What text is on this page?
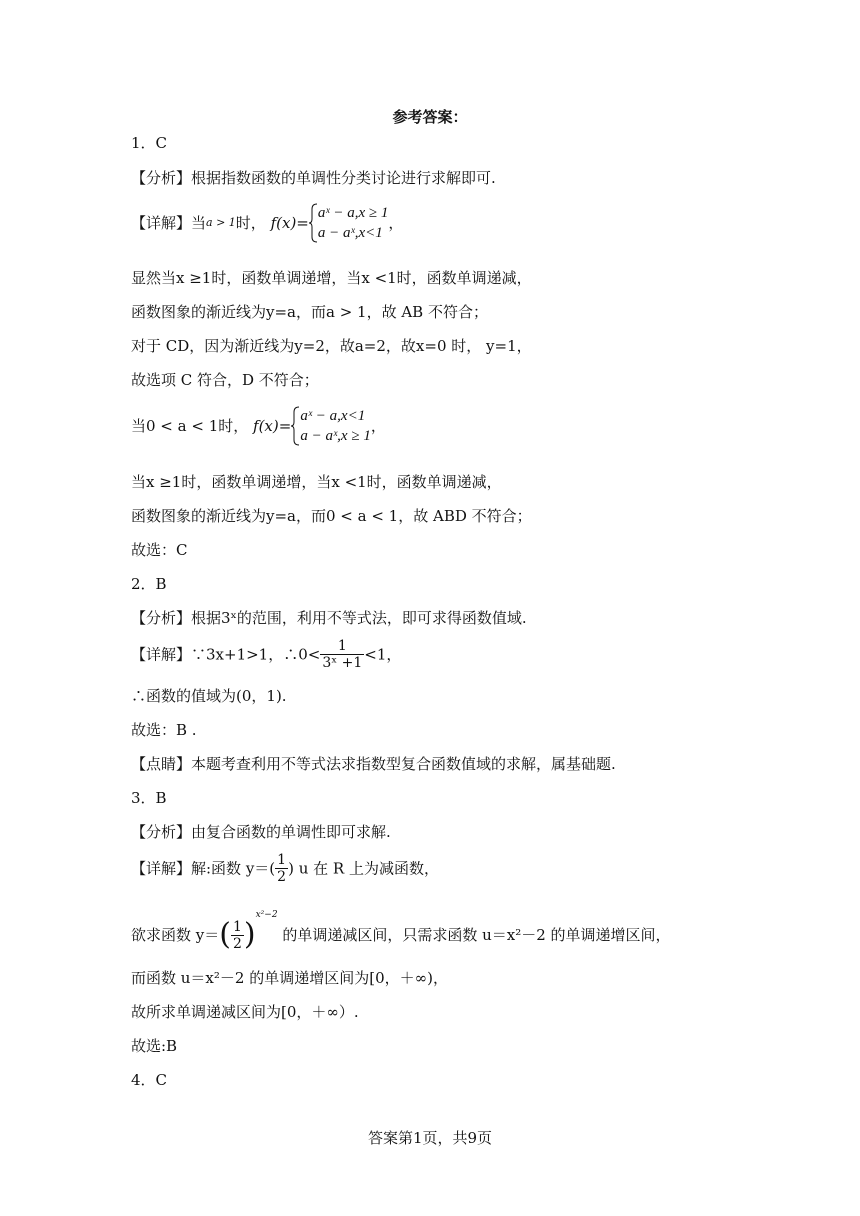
参考答案：
1．C
【分析】根据指数函数的单调性分类讨论进行求解即可.
【详解】当a > 1时， f(x)=
aˣ − a,x ≥ 1
a − aˣ,x<1
，
显然当x ≥1时，函数单调递增，当x <1时，函数单调递减，
函数图象的渐近线为y=a，而a > 1，故 AB 不符合；
对于 CD，因为渐近线为y=2，故a=2，故x=0 时， y=1，
故选项 C 符合，D 不符合；
当0 < a < 1时， f(x)=
aˣ − a,x<1
a − aˣ,x ≥ 1
，
当x ≥1时，函数单调递增，当x <1时，函数单调递减，
函数图象的渐近线为y=a，而0 < a < 1，故 ABD 不符合；
故选：C
2．B
【分析】根据3ˣ的范围，利用不等式法，即可求得函数值域.
【详解】∵3x+1>1，∴0< $\frac{1}{\text{3ˣ +1}} <1$，
∴函数的值域为(0，1).
故选：B .
【点睛】本题考查利用不等式法求指数型复合函数值域的求解，属基础题.
3．B
【分析】由复合函数的单调性即可求解.
【详解】解:函数 $y=( \frac{1}{2}$ ) u 在 R 上为减函数，
欲求函数 $y=( \frac{1}{2} )^{x^2-2}$ 的单调递减区间，只需求函数 u＝x²－2 的单调递增区间，
而函数 u＝x²－2 的单调递增区间为[0，＋∞)，
故所求单调递减区间为[0，＋∞）.
故选:B
4．C
答案第1页，共9页
